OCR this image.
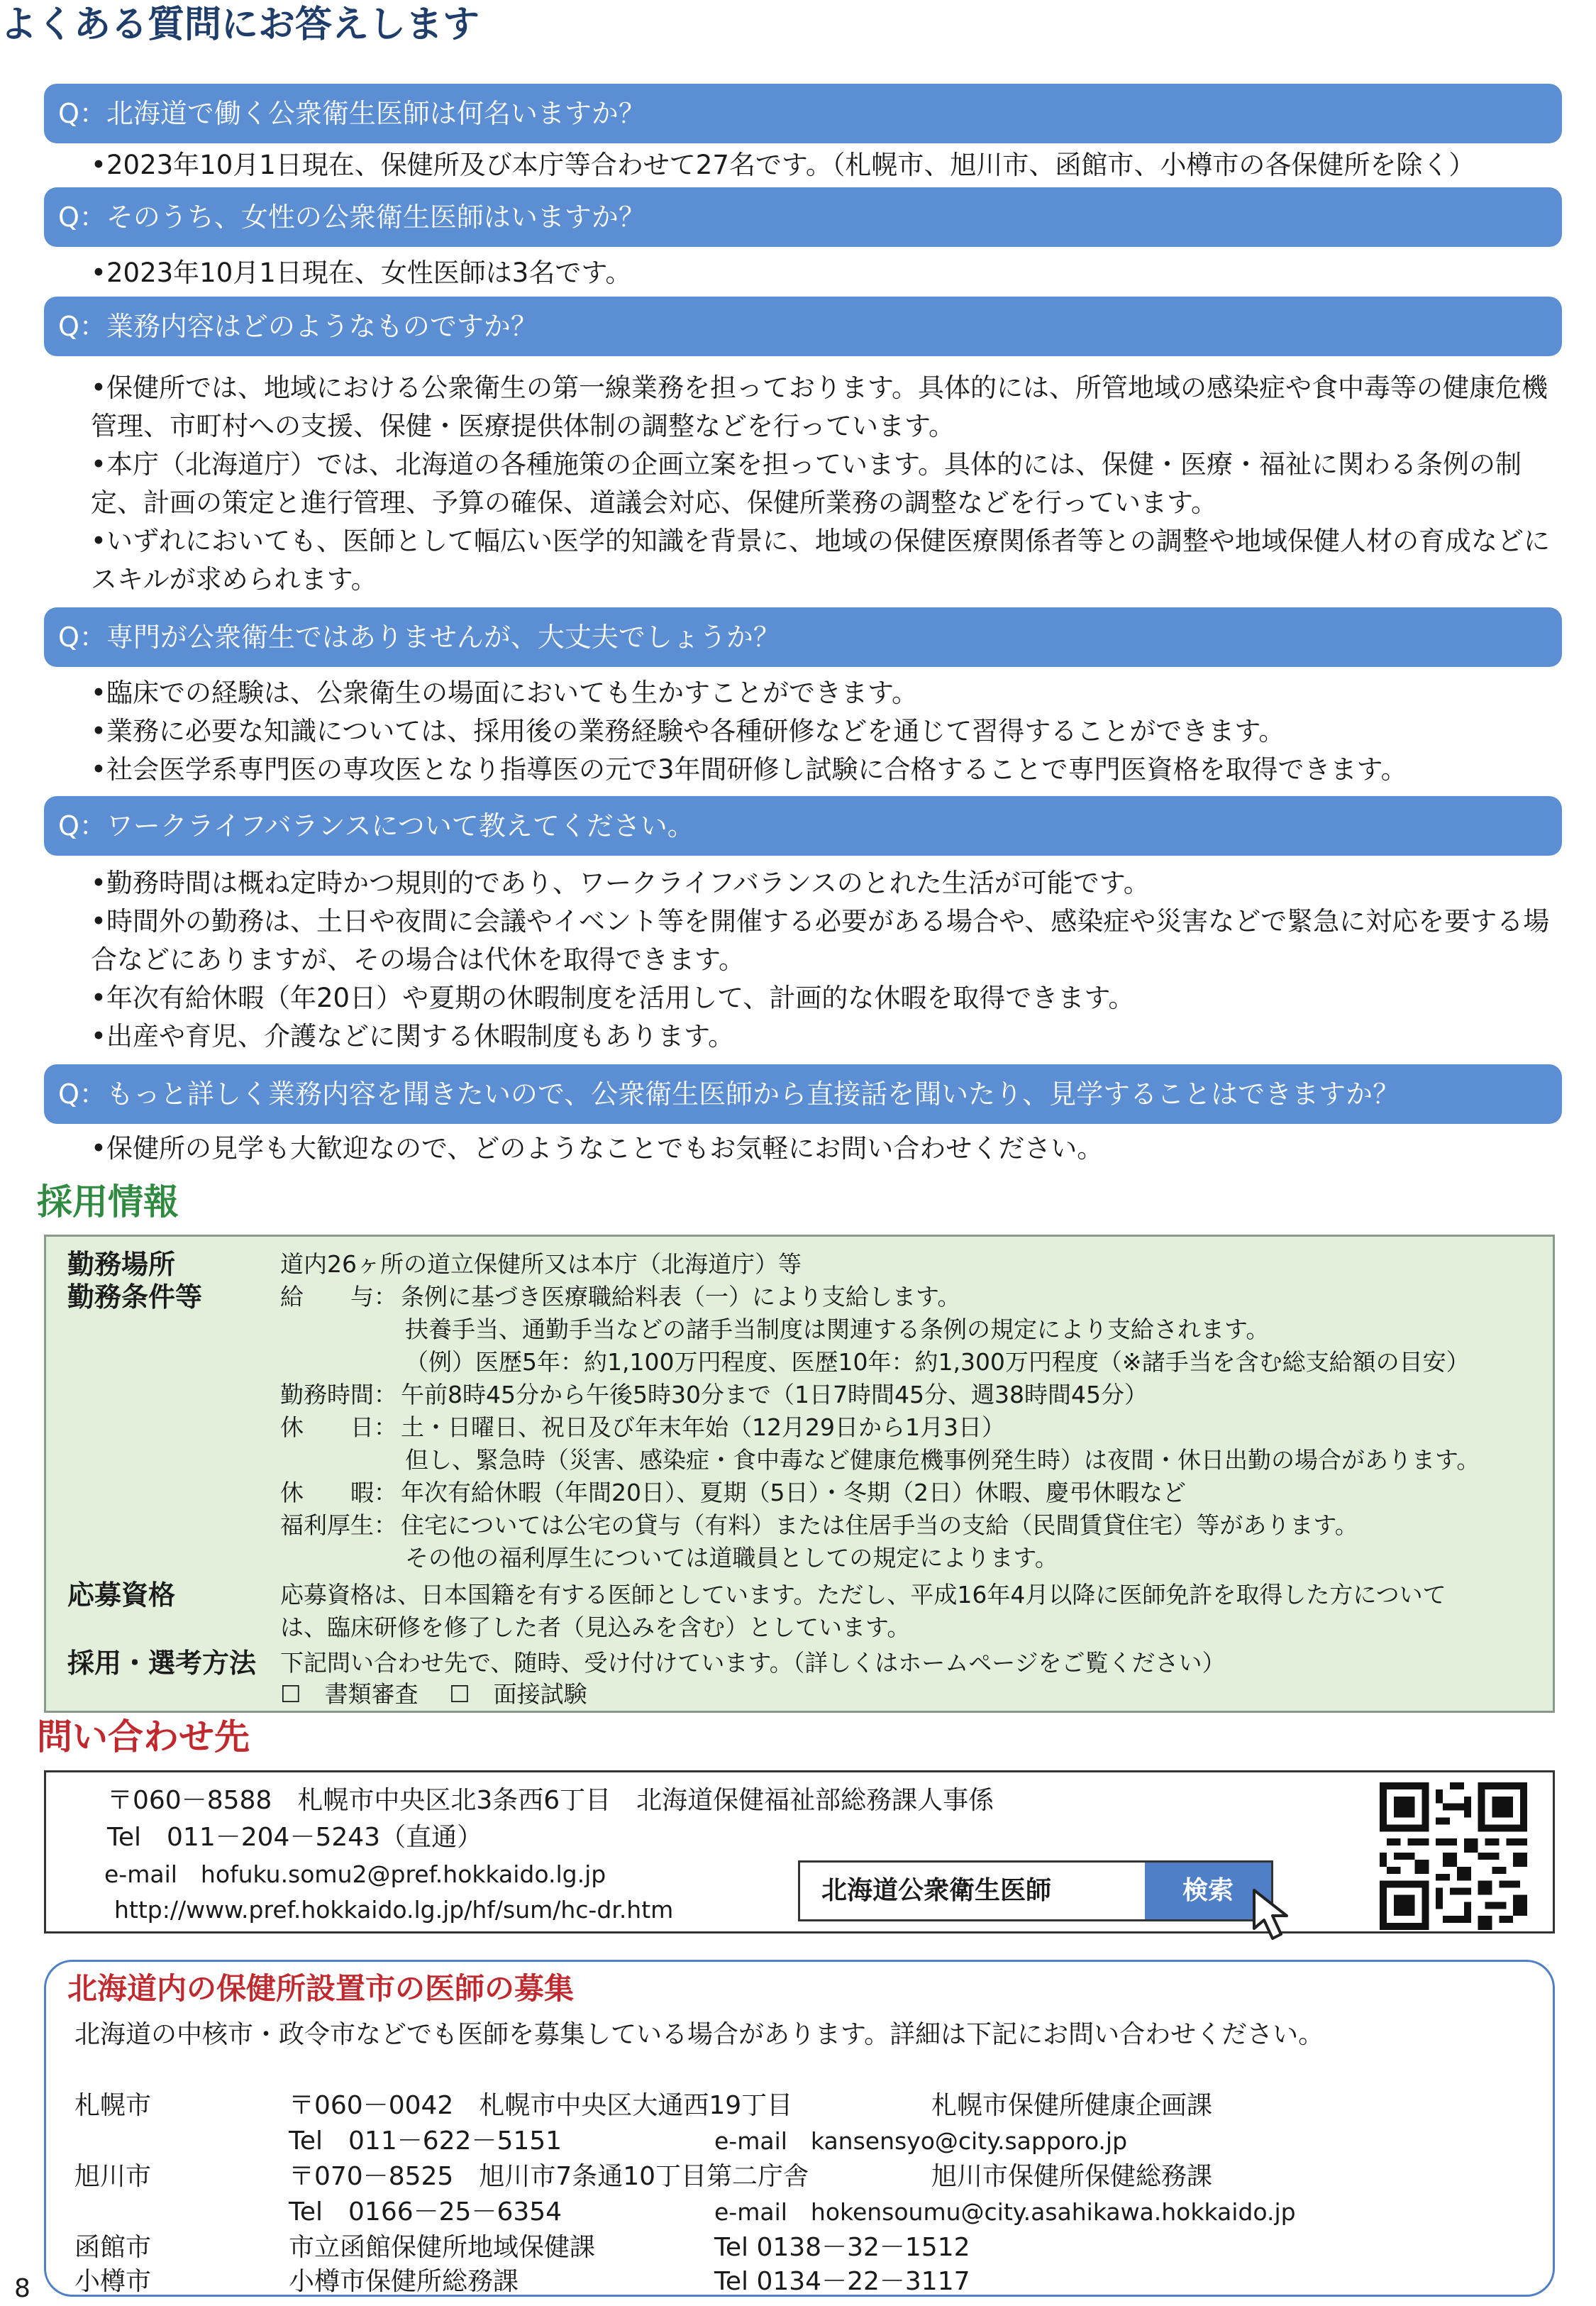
よくある質問にお答えします
Q：北海道で働く公衆衛生医師は何名いますか？
• 2023年10月1日現在、保健所及び本庁等合わせて27名です。（札幌市、旭川市、函館市、小樽市の各保健所を除く）
Q：そのうち、女性の公衆衛生医師はいますか？
• 2023年10月1日現在、女性医師は3名です。
Q：業務内容はどのようなものですか？
• 保健所では、地域における公衆衛生の第一線業務を担っております。具体的には、所管地域の感染症や食中毒等の健康危機管理、市町村への支援、保健・医療提供体制の調整などを行っています。
• 本庁（北海道庁）では、北海道の各種施策の企画立案を担っています。具体的には、保健・医療・福祉に関わる条例の制定、計画の策定と進行管理、予算の確保、道議会対応、保健所業務の調整などを行っています。
• いずれにおいても、医師として幅広い医学的知識を背景に、地域の保健医療関係者等との調整や地域保健人材の育成などにスキルが求められます。
Q：専門が公衆衛生ではありませんが、大丈夫でしょうか？
• 臨床での経験は、公衆衛生の場面においても生かすことができます。
• 業務に必要な知識については、採用後の業務経験や各種研修などを通じて習得することができます。
• 社会医学系専門医の専攻医となり指導医の元で3年間研修し試験に合格することで専門医資格を取得できます。
Q：ワークライフバランスについて教えてください。
• 勤務時間は概ね定時かつ規則的であり、ワークライフバランスのとれた生活が可能です。
• 時間外の勤務は、土日や夜間に会議やイベント等を開催する必要がある場合や、感染症や災害などで緊急に対応を要する場合などにありますが、その場合は代休を取得できます。
• 年次有給休暇（年20日）や夏期の休暇制度を活用して、計画的な休暇を取得できます。
• 出産や育児、介護などに関する休暇制度もあります。
Q：もっと詳しく業務内容を聞きたいので、公衆衛生医師から直接話を聞いたり、見学することはできますか？
• 保健所の見学も大歓迎なので、どのようなことでもお気軽にお問い合わせください。
採用情報
勤務場所	道内26ヶ所の道立保健所又は本庁（北海道庁）等
勤務条件等	給　　与： 条例に基づき医療職給料表（一）により支給します。
扶養手当、通勤手当などの諸手当制度は関連する条例の規定により支給されます。
（例）医歴5年：約1,100万円程度、医歴10年：約1,300万円程度（※諸手当を含む総支給額の目安）
勤務時間： 午前8時45分から午後5時30分まで（1日7時間45分、週38時間45分）
休　　日： 土・日曜日、祝日及び年末年始（12月29日から1月3日）
但し、緊急時（災害、感染症・食中毒など健康危機事例発生時）は夜間・休日出勤の場合があります。
休　　暇： 年次有給休暇（年間20日）、夏期（5日）・冬期（2日）休暇、慶弔休暇など
福利厚生： 住宅については公宅の貸与（有料）または住居手当の支給（民間賃貸住宅）等があります。
その他の福利厚生については道職員としての規定によります。
応募資格	応募資格は、日本国籍を有する医師としています。ただし、平成16年4月以降に医師免許を取得した方について
は、臨床研修を修了した者（見込みを含む）としています。
採用・選考方法 下記問い合わせ先で、随時、受け付けています。（詳しくはホームページをご覧ください）
☐　書類審査　 ☐　面接試験
問い合わせ先
〒060－8588　札幌市中央区北3条西6丁目　北海道保健福祉部総務課人事係
Tel　011－204－5243（直通）
e-mail　hofuku.somu2@pref.hokkaido.lg.jp
http://www.pref.hokkaido.lg.jp/hf/sum/hc-dr.htm
北海道公衆衛生医師	検索
北海道内の保健所設置市の医師の募集
北海道の中核市・政令市などでも医師を募集している場合があります。詳細は下記にお問い合わせください。
札幌市	〒060－0042　札幌市中央区大通西19丁目	札幌市保健所健康企画課
Tel　011－622－5151	e-mail　kansensyo@city.sapporo.jp
旭川市	〒070－8525　旭川市7条通10丁目第二庁舎	旭川市保健所保健総務課
Tel　0166－25－6354	e-mail　hokensoumu@city.asahikawa.hokkaido.jp
函館市	市立函館保健所地域保健課	Tel 0138－32－1512
小樽市	小樽市保健所総務課	Tel 0134－22－3117
8
